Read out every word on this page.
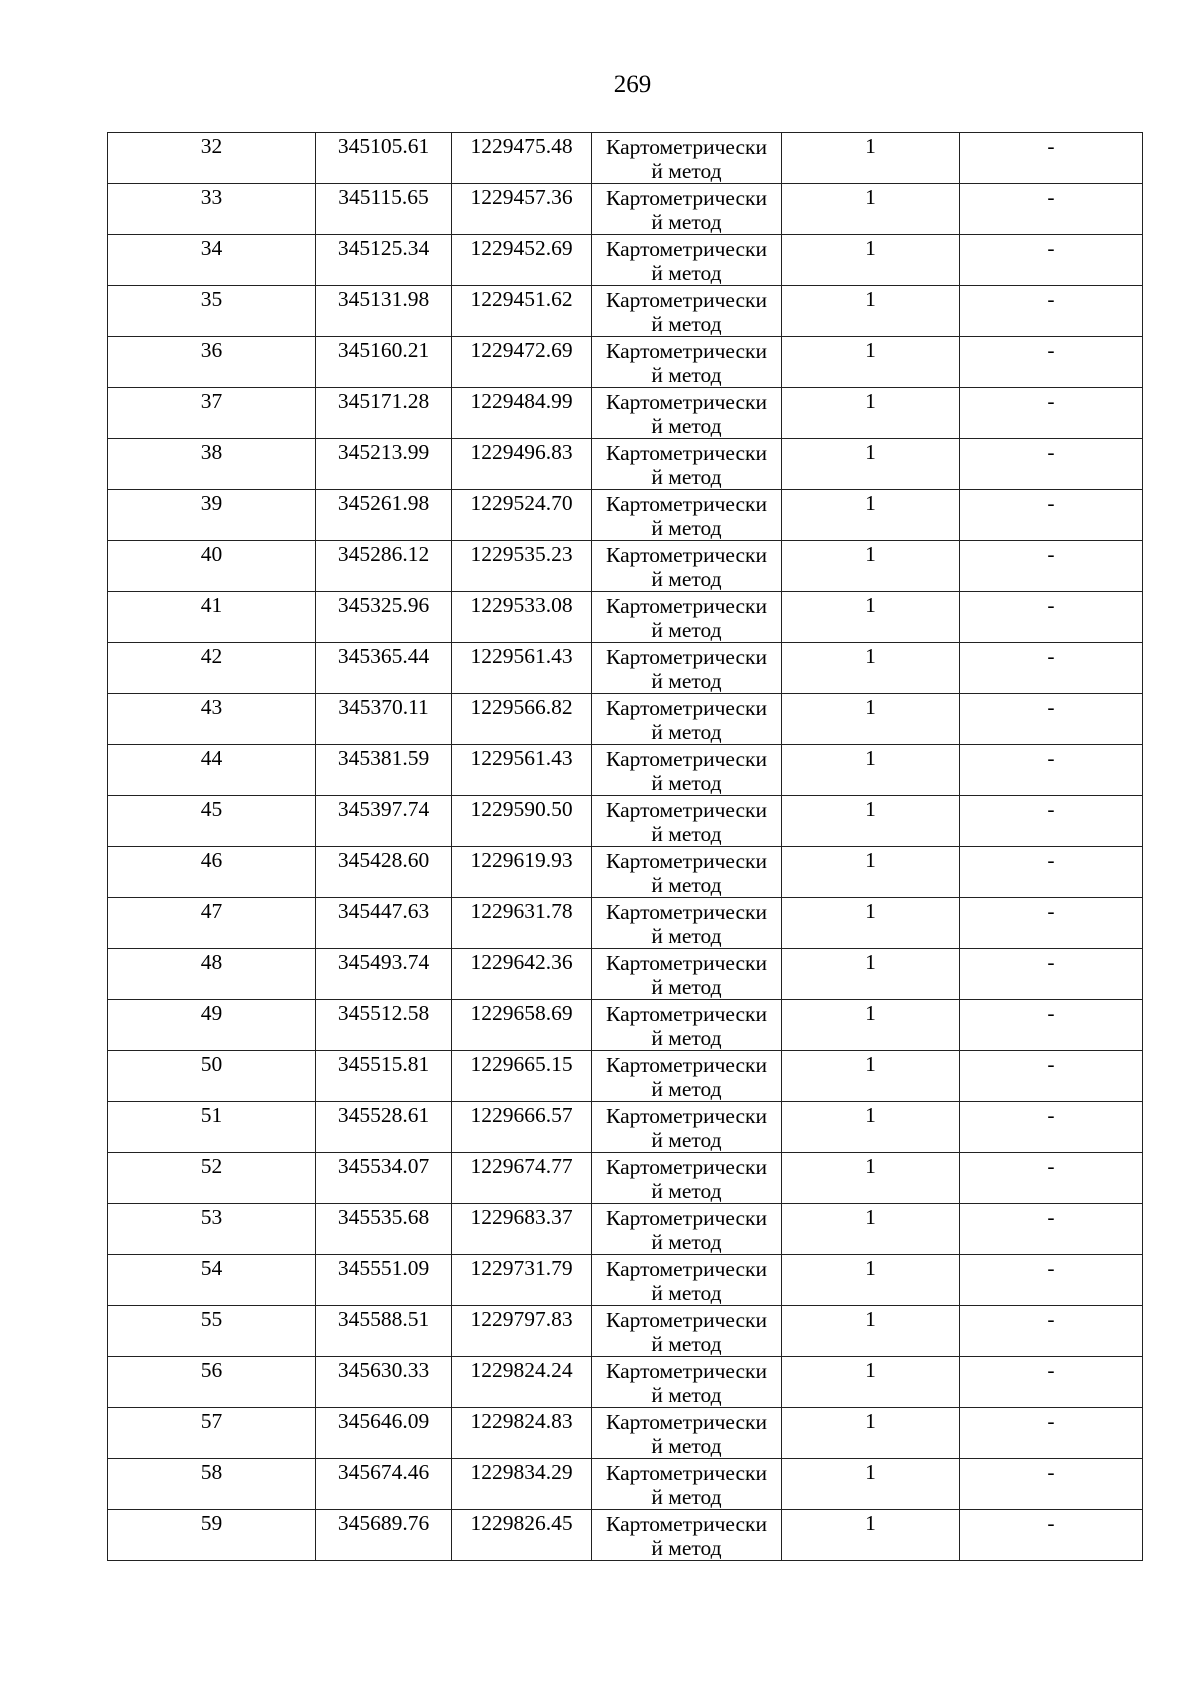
269
32	345105.61	1229475.48	Картометрически
й метод	1	-

33	345115.65	1229457.36	Картометрически
й метод	1	-

34	345125.34	1229452.69	Картометрически
й метод	1	-

35	345131.98	1229451.62	Картометрически
й метод	1	-

36	345160.21	1229472.69	Картометрически
й метод	1	-

37	345171.28	1229484.99	Картометрически
й метод	1	-

38	345213.99	1229496.83	Картометрически
й метод	1	-

39	345261.98	1229524.70	Картометрически
й метод	1	-

40	345286.12	1229535.23	Картометрически
й метод	1	-

41	345325.96	1229533.08	Картометрически
й метод	1	-

42	345365.44	1229561.43	Картометрически
й метод	1	-

43	345370.11	1229566.82	Картометрически
й метод	1	-

44	345381.59	1229561.43	Картометрически
й метод	1	-

45	345397.74	1229590.50	Картометрически
й метод	1	-

46	345428.60	1229619.93	Картометрически
й метод	1	-

47	345447.63	1229631.78	Картометрически
й метод	1	-

48	345493.74	1229642.36	Картометрически
й метод	1	-

49	345512.58	1229658.69	Картометрически
й метод	1	-

50	345515.81	1229665.15	Картометрически
й метод	1	-

51	345528.61	1229666.57	Картометрически
й метод	1	-

52	345534.07	1229674.77	Картометрически
й метод	1	-

53	345535.68	1229683.37	Картометрически
й метод	1	-

54	345551.09	1229731.79	Картометрически
й метод	1	-

55	345588.51	1229797.83	Картометрически
й метод	1	-

56	345630.33	1229824.24	Картометрически
й метод	1	-

57	345646.09	1229824.83	Картометрически
й метод	1	-

58	345674.46	1229834.29	Картометрически
й метод	1	-

59	345689.76	1229826.45	Картометрически
й метод	1	-
